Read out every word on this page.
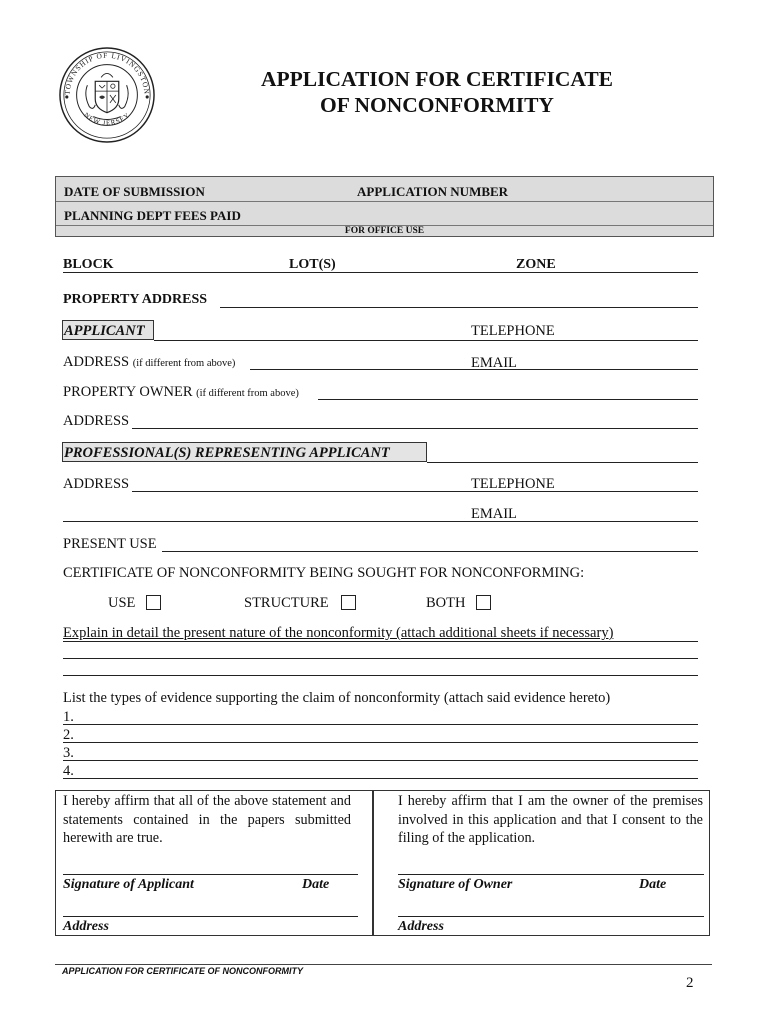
TOWNSHIP OF LIVINGSTON
NEW JERSEY
APPLICATION FOR CERTIFICATE
OF NONCONFORMITY
DATE OF SUBMISSION	APPLICATION NUMBER
PLANNING DEPT FEES PAID
FOR OFFICE USE
BLOCK	LOT(S)	ZONE
PROPERTY ADDRESS
APPLICANT	TELEPHONE
ADDRESS (if different from above)	EMAIL
PROPERTY OWNER (if different from above)
ADDRESS
PROFESSIONAL(S) REPRESENTING APPLICANT
ADDRESS	TELEPHONE
EMAIL
PRESENT USE
CERTIFICATE OF NONCONFORMITY BEING SOUGHT FOR NONCONFORMING:
USE	STRUCTURE	BOTH
Explain in detail the present nature of the nonconformity (attach additional sheets if necessary)
List the types of evidence supporting the claim of nonconformity (attach said evidence hereto)
1.
2.
3.
4.
I hereby affirm that all of the above statement and statements contained in the papers submitted herewith are true.
I hereby affirm that I am the owner of the premises involved in this application and that I consent to the filing of the application.
Signature of Applicant	Date	Signature of Owner	Date
Address	Address
APPLICATION FOR CERTIFICATE OF NONCONFORMITY
2
